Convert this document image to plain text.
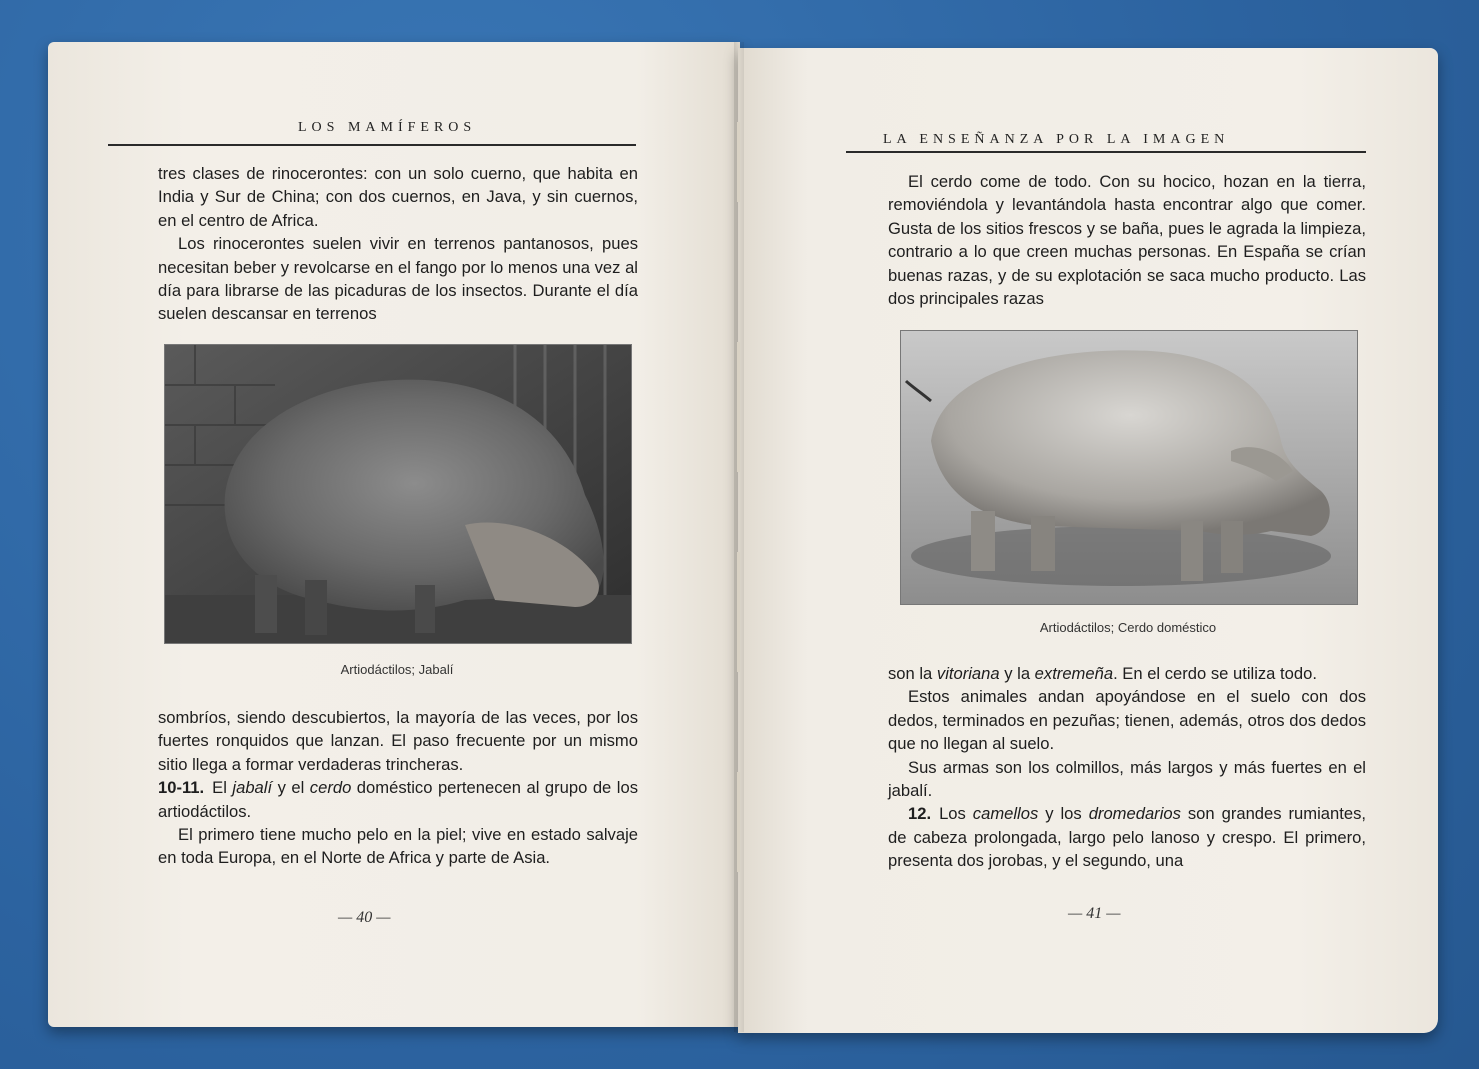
LOS MAMÍFEROS

tres clases de rinocerontes: con un solo cuerno, que habita en India y Sur de China; con dos cuernos, en Java, y sin cuernos, en el centro de Africa.

Los rinocerontes suelen vivir en terrenos pantanosos, pues necesitan beber y revolcarse en el fango por lo menos una vez al día para librarse de las picaduras de los insectos. Durante el día suelen descansar en terrenos

Artiodáctilos; Jabalí

sombríos, siendo descubiertos, la mayoría de las veces, por los fuertes ronquidos que lanzan. El paso frecuente por un mismo sitio llega a formar verdaderas trincheras.

10-11. El jabalí y el cerdo doméstico pertenecen al grupo de los artiodáctilos.

El primero tiene mucho pelo en la piel; vive en estado salvaje en toda Europa, en el Norte de Africa y parte de Asia.

— 40 —
LA ENSEÑANZA POR LA IMAGEN

El cerdo come de todo. Con su hocico, hozan en la tierra, removiéndola y levantándola hasta encontrar algo que comer. Gusta de los sitios frescos y se baña, pues le agrada la limpieza, contrario a lo que creen muchas personas. En España se crían buenas razas, y de su explotación se saca mucho producto. Las dos principales razas

Artiodáctilos; Cerdo doméstico

son la vitoriana y la extremeña. En el cerdo se utiliza todo.

Estos animales andan apoyándose en el suelo con dos dedos, terminados en pezuñas; tienen, además, otros dos dedos que no llegan al suelo.

Sus armas son los colmillos, más largos y más fuertes en el jabalí.

12. Los camellos y los dromedarios son grandes rumiantes, de cabeza prolongada, largo pelo lanoso y crespo. El primero, presenta dos jorobas, y el segundo, una

— 41 —
